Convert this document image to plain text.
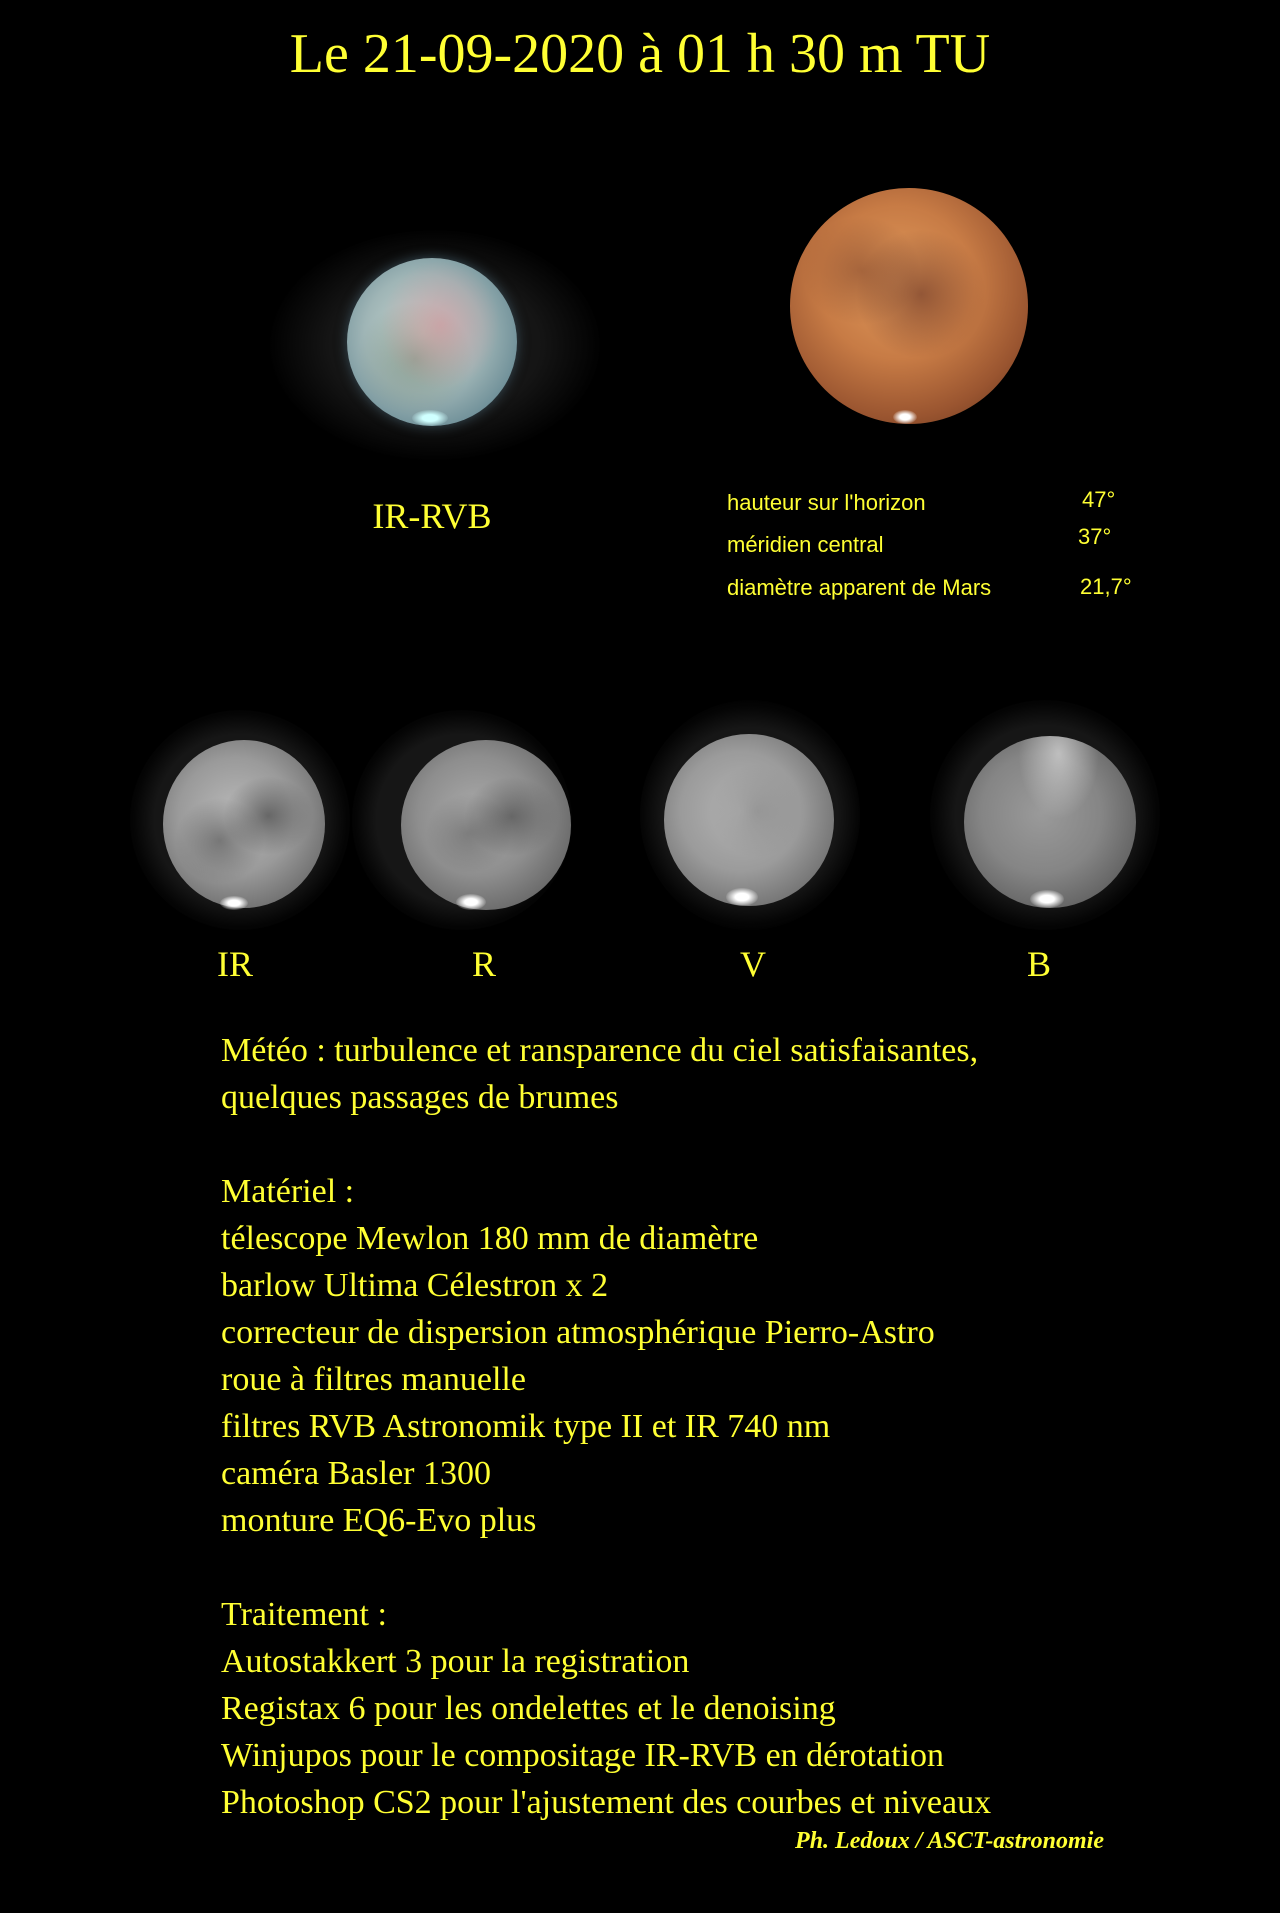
Le 21-09-2020 à 01 h 30 m TU
IR-RVB	hauteur sur l'horizon	47°
méridien central	37°
diamètre apparent de Mars	21,7°
IR	R	V	B
Météo : turbulence et ransparence du ciel satisfaisantes,
quelques passages de brumes
Matériel :
télescope Mewlon 180 mm de diamètre
barlow Ultima Célestron x 2
correcteur de dispersion atmosphérique Pierro-Astro
roue à filtres manuelle
filtres RVB Astronomik type II et IR 740 nm
caméra Basler 1300
monture EQ6-Evo plus
Traitement :
Autostakkert 3 pour la registration
Registax 6 pour les ondelettes et le denoising
Winjupos pour le compositage IR-RVB en dérotation
Photoshop CS2 pour l'ajustement des courbes et niveaux
Ph. Ledoux / ASCT-astronomie
